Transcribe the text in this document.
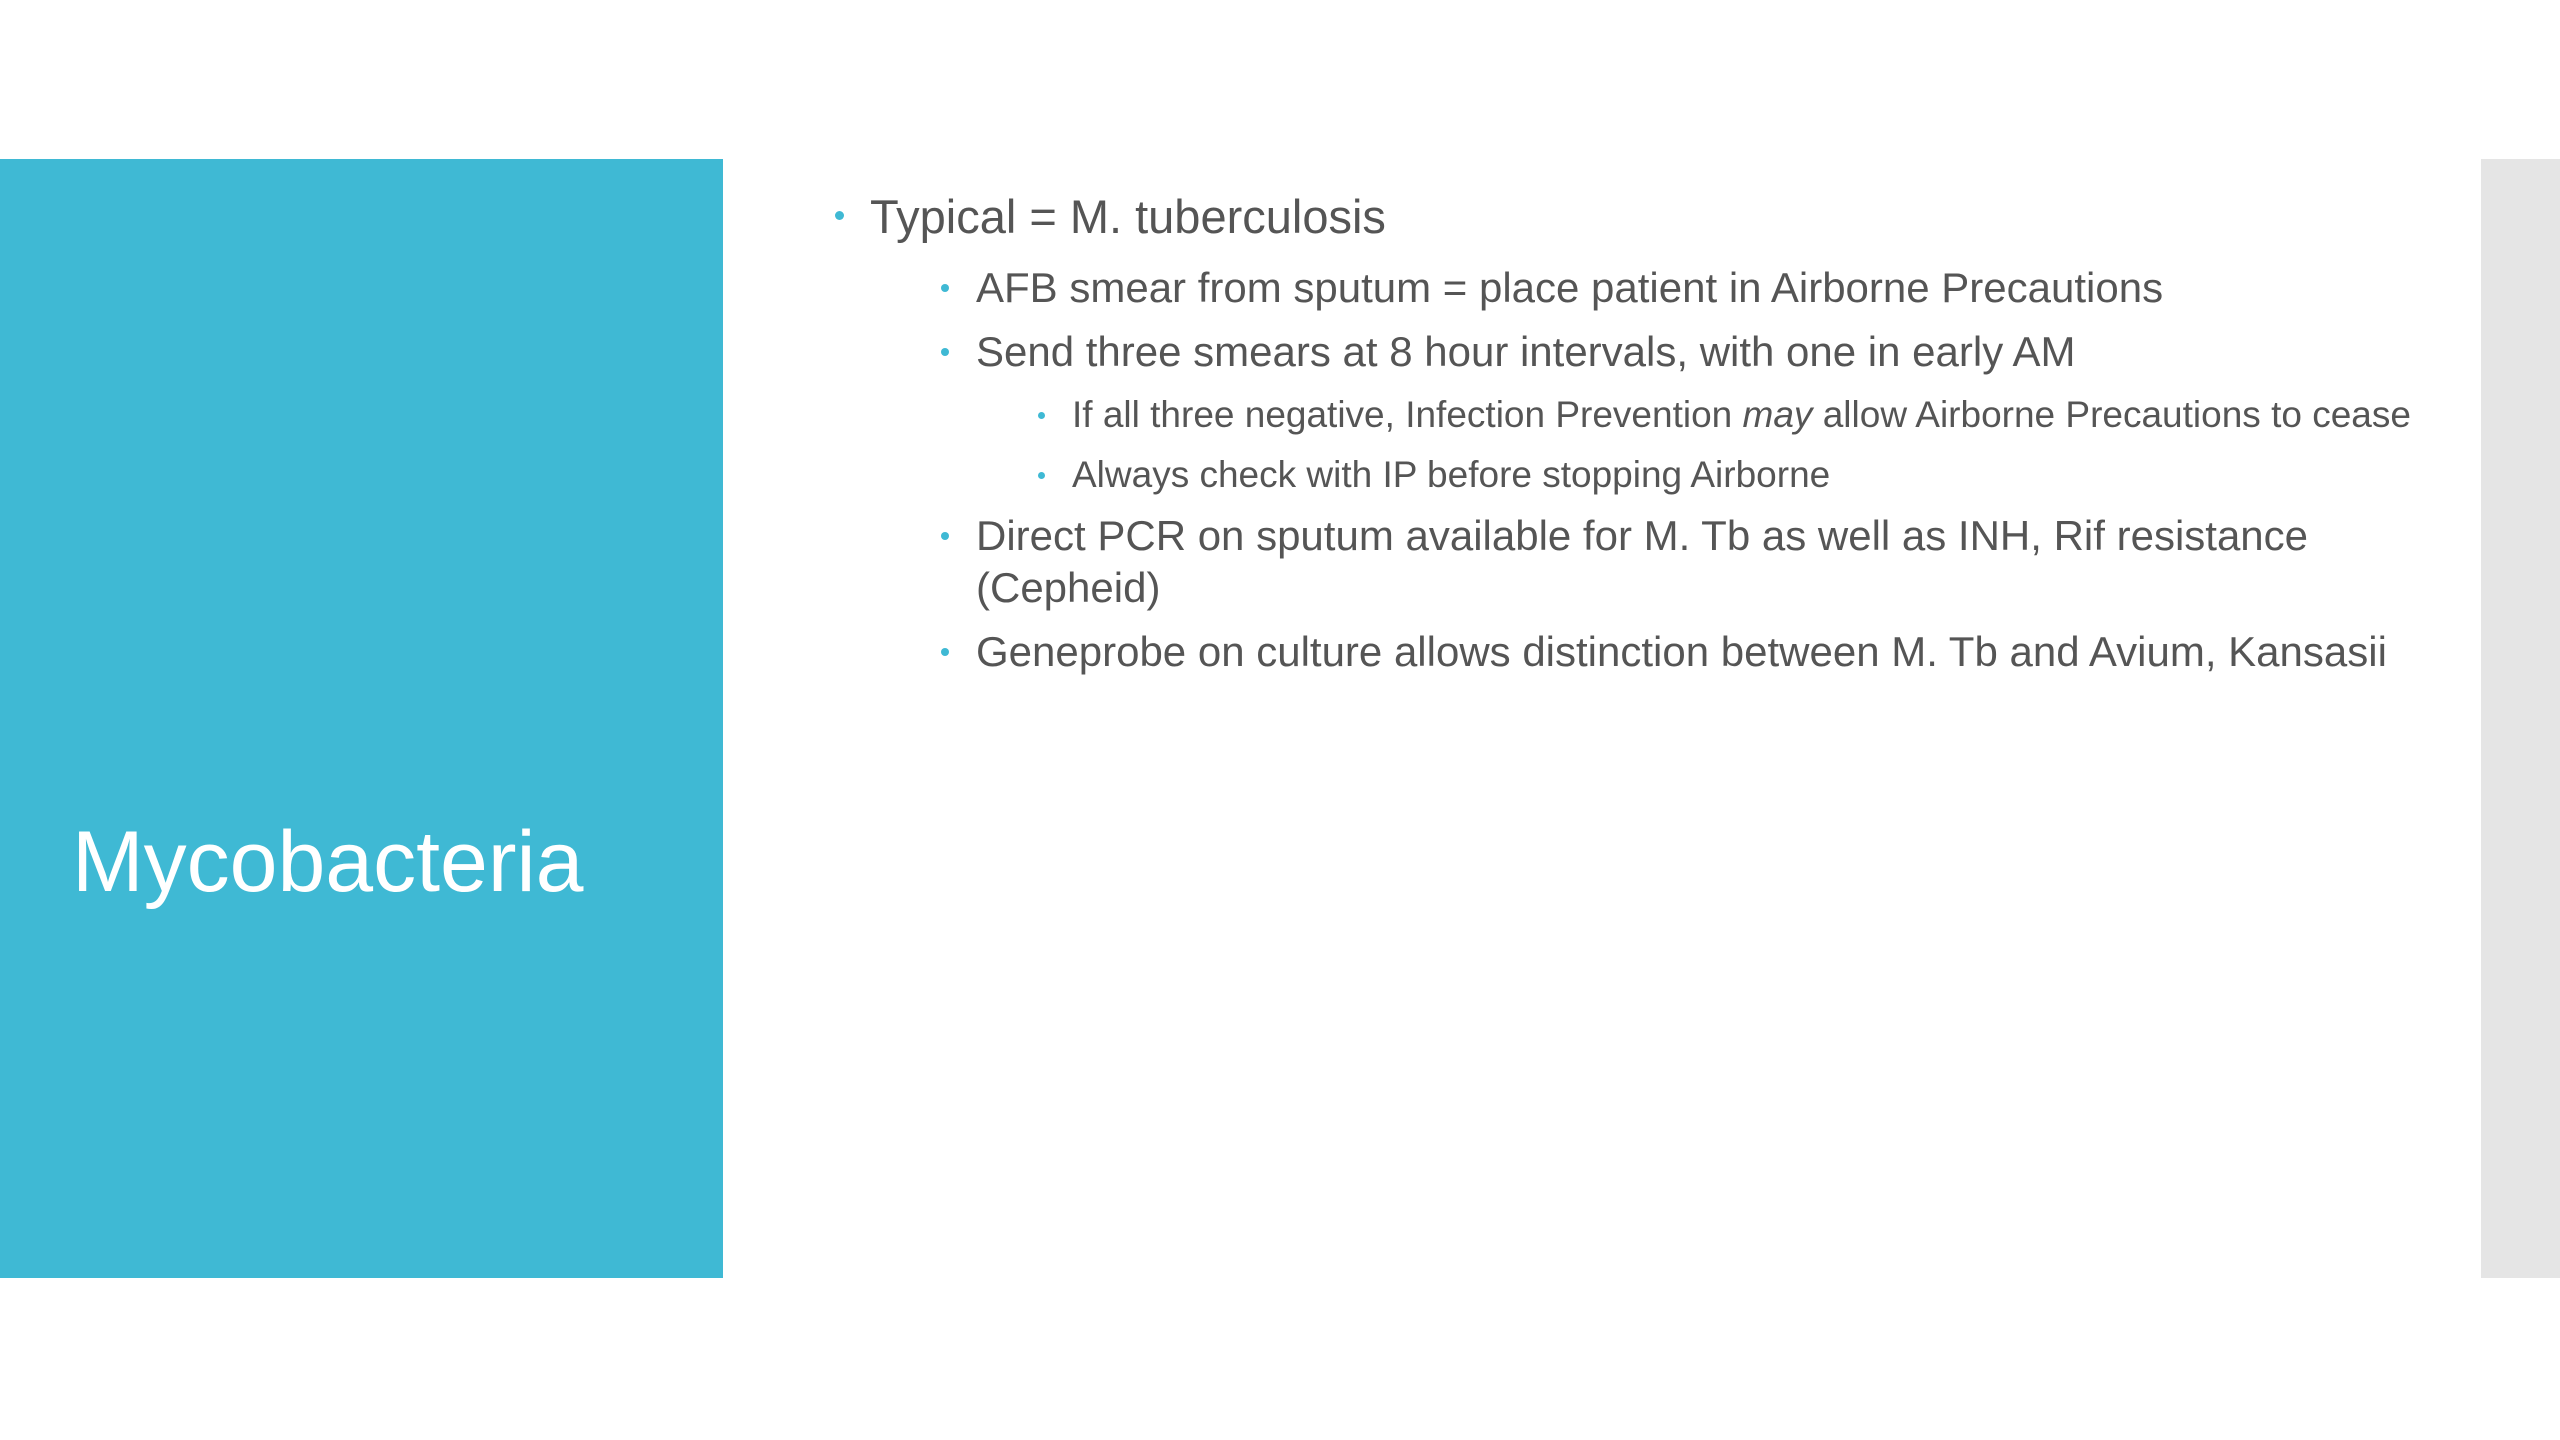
Mycobacteria
Typical = M. tuberculosis
AFB smear from sputum = place patient in Airborne Precautions
Send three smears at 8 hour intervals, with one in early AM
If all three negative, Infection Prevention may allow Airborne Precautions to cease
Always check with IP before stopping Airborne
Direct PCR on sputum available for M. Tb as well as INH, Rif resistance (Cepheid)
Geneprobe on culture allows distinction between M. Tb and Avium, Kansasii
